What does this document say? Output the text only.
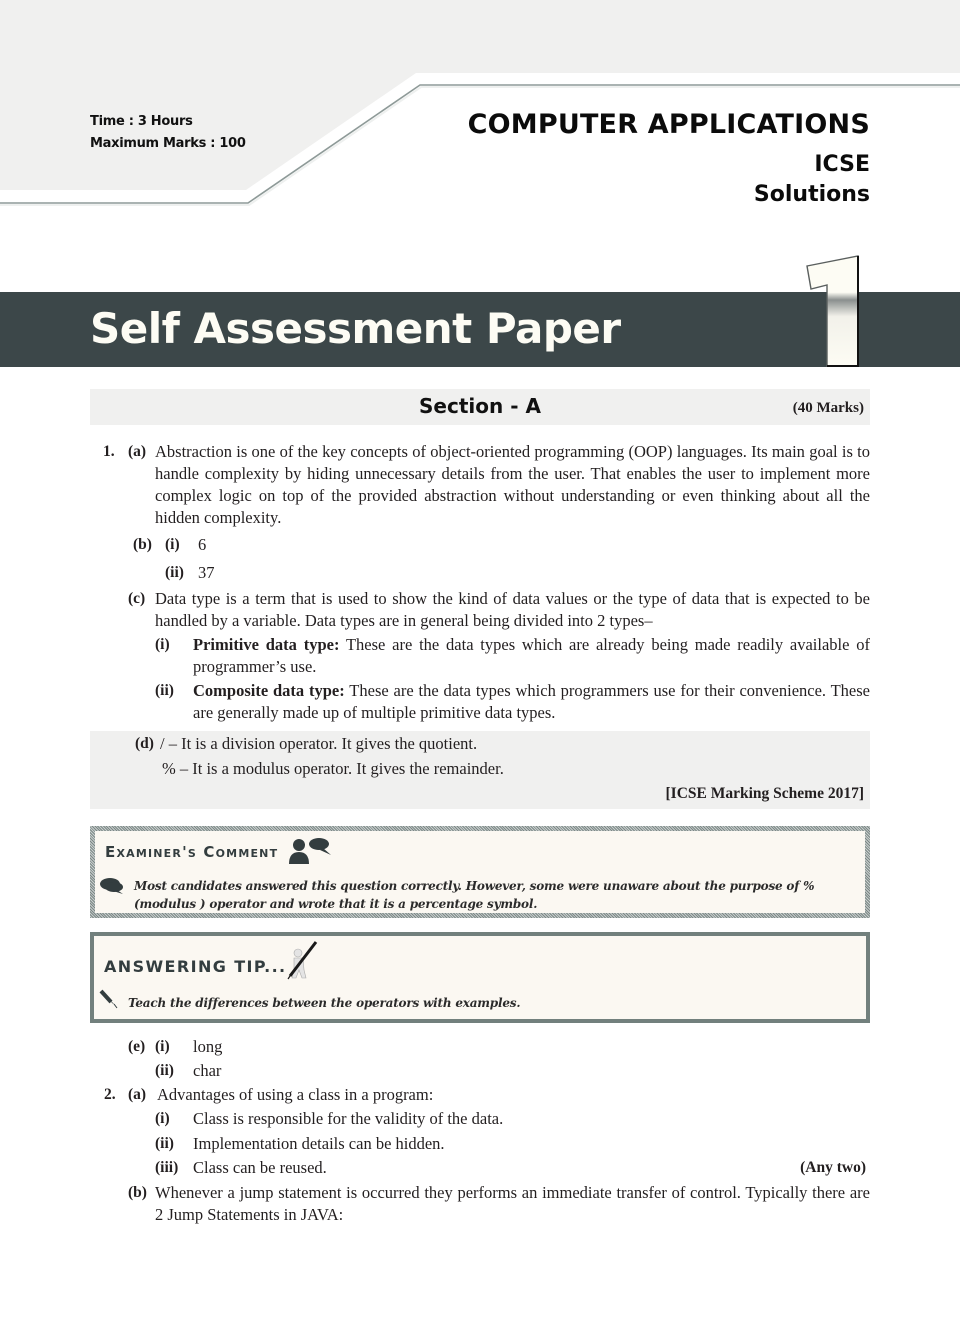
Time : 3 Hours
Maximum Marks : 100
COMPUTER APPLICATIONS
ICSE
Solutions
Self Assessment Paper
Section - A	(40 Marks)
1. (a) Abstraction is one of the key concepts of object-oriented programming (OOP) languages. Its main goal is to handle complexity by hiding unnecessary details from the user. That enables the user to implement more complex logic on top of the provided abstraction without understanding or even thinking about all the hidden complexity.
(b) (i) 6
(ii) 37
(c) Data type is a term that is used to show the kind of data values or the type of data that is expected to be handled by a variable. Data types are in general being divided into 2 types–
(i) Primitive data type: These are the data types which are already being made readily available of programmer’s use.
(ii) Composite data type: These are the data types which programmers use for their convenience. These are generally made up of multiple primitive data types.
(d) / – It is a division operator. It gives the quotient.
% – It is a modulus operator. It gives the remainder.
[ICSE Marking Scheme 2017]
Examiner's Comment
Most candidates answered this question correctly. However, some were unaware about the purpose of %(modulus ) operator and wrote that it is a percentage symbol.
ANSWERING TIP...
Teach the differences between the operators with examples.
(e) (i) long
(ii) char
2. (a) Advantages of using a class in a program:
(i) Class is responsible for the validity of the data.
(ii) Implementation details can be hidden.
(iii) Class can be reused.	(Any two)
(b) Whenever a jump statement is occurred they performs an immediate transfer of control. Typically there are 2 Jump Statements in JAVA:
